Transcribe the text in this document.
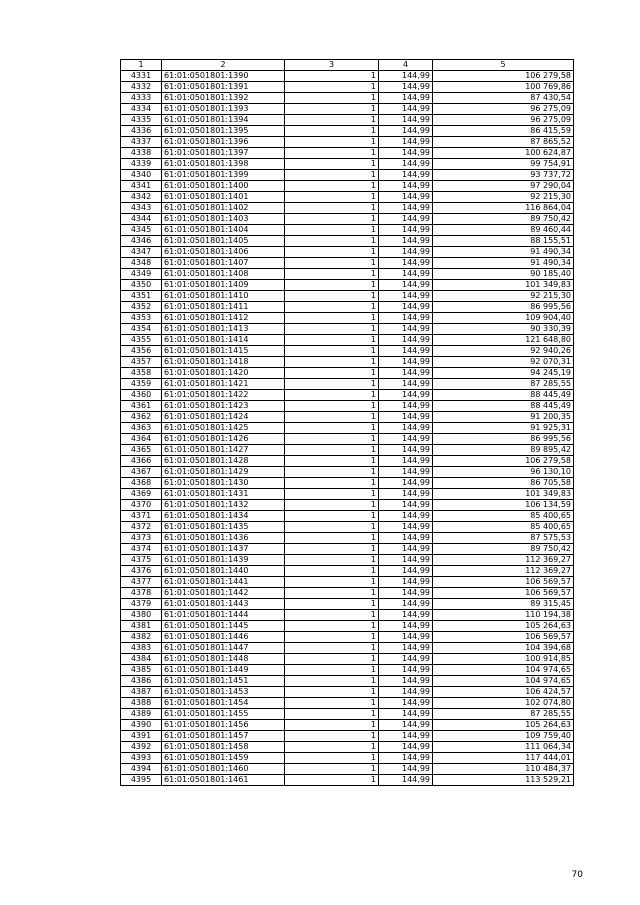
1	2	3	4	5
4331	61:01:0501801:1390	1	144,99	106 279,58
4332	61:01:0501801:1391	1	144,99	100 769,86
4333	61:01:0501801:1392	1	144,99	87 430,54
4334	61:01:0501801:1393	1	144,99	96 275,09
4335	61:01:0501801:1394	1	144,99	96 275,09
4336	61:01:0501801:1395	1	144,99	86 415,59
4337	61:01:0501801:1396	1	144,99	87 865,52
4338	61:01:0501801:1397	1	144,99	100 624,87
4339	61:01:0501801:1398	1	144,99	99 754,91
4340	61:01:0501801:1399	1	144,99	93 737,72
4341	61:01:0501801:1400	1	144,99	97 290,04
4342	61:01:0501801:1401	1	144,99	92 215,30
4343	61:01:0501801:1402	1	144,99	116 864,04
4344	61:01:0501801:1403	1	144,99	89 750,42
4345	61:01:0501801:1404	1	144,99	89 460,44
4346	61:01:0501801:1405	1	144,99	88 155,51
4347	61:01:0501801:1406	1	144,99	91 490,34
4348	61:01:0501801:1407	1	144,99	91 490,34
4349	61:01:0501801:1408	1	144,99	90 185,40
4350	61:01:0501801:1409	1	144,99	101 349,83
4351	61:01:0501801:1410	1	144,99	92 215,30
4352	61:01:0501801:1411	1	144,99	86 995,56
4353	61:01:0501801:1412	1	144,99	109 904,40
4354	61:01:0501801:1413	1	144,99	90 330,39
4355	61:01:0501801:1414	1	144,99	121 648,80
4356	61:01:0501801:1415	1	144,99	92 940,26
4357	61:01:0501801:1418	1	144,99	92 070,31
4358	61:01:0501801:1420	1	144,99	94 245,19
4359	61:01:0501801:1421	1	144,99	87 285,55
4360	61:01:0501801:1422	1	144,99	88 445,49
4361	61:01:0501801:1423	1	144,99	88 445,49
4362	61:01:0501801:1424	1	144,99	91 200,35
4363	61:01:0501801:1425	1	144,99	91 925,31
4364	61:01:0501801:1426	1	144,99	86 995,56
4365	61:01:0501801:1427	1	144,99	89 895,42
4366	61:01:0501801:1428	1	144,99	106 279,58
4367	61:01:0501801:1429	1	144,99	96 130,10
4368	61:01:0501801:1430	1	144,99	86 705,58
4369	61:01:0501801:1431	1	144,99	101 349,83
4370	61:01:0501801:1432	1	144,99	106 134,59
4371	61:01:0501801:1434	1	144,99	85 400,65
4372	61:01:0501801:1435	1	144,99	85 400,65
4373	61:01:0501801:1436	1	144,99	87 575,53
4374	61:01:0501801:1437	1	144,99	89 750,42
4375	61:01:0501801:1439	1	144,99	112 369,27
4376	61:01:0501801:1440	1	144,99	112 369,27
4377	61:01:0501801:1441	1	144,99	106 569,57
4378	61:01:0501801:1442	1	144,99	106 569,57
4379	61:01:0501801:1443	1	144,99	89 315,45
4380	61:01:0501801:1444	1	144,99	110 194,38
4381	61:01:0501801:1445	1	144,99	105 264,63
4382	61:01:0501801:1446	1	144,99	106 569,57
4383	61:01:0501801:1447	1	144,99	104 394,68
4384	61:01:0501801:1448	1	144,99	100 914,85
4385	61:01:0501801:1449	1	144,99	104 974,65
4386	61:01:0501801:1451	1	144,99	104 974,65
4387	61:01:0501801:1453	1	144,99	106 424,57
4388	61:01:0501801:1454	1	144,99	102 074,80
4389	61:01:0501801:1455	1	144,99	87 285,55
4390	61:01:0501801:1456	1	144,99	105 264,63
4391	61:01:0501801:1457	1	144,99	109 759,40
4392	61:01:0501801:1458	1	144,99	111 064,34
4393	61:01:0501801:1459	1	144,99	117 444,01
4394	61:01:0501801:1460	1	144,99	110 484,37
4395	61:01:0501801:1461	1	144,99	113 529,21
70
